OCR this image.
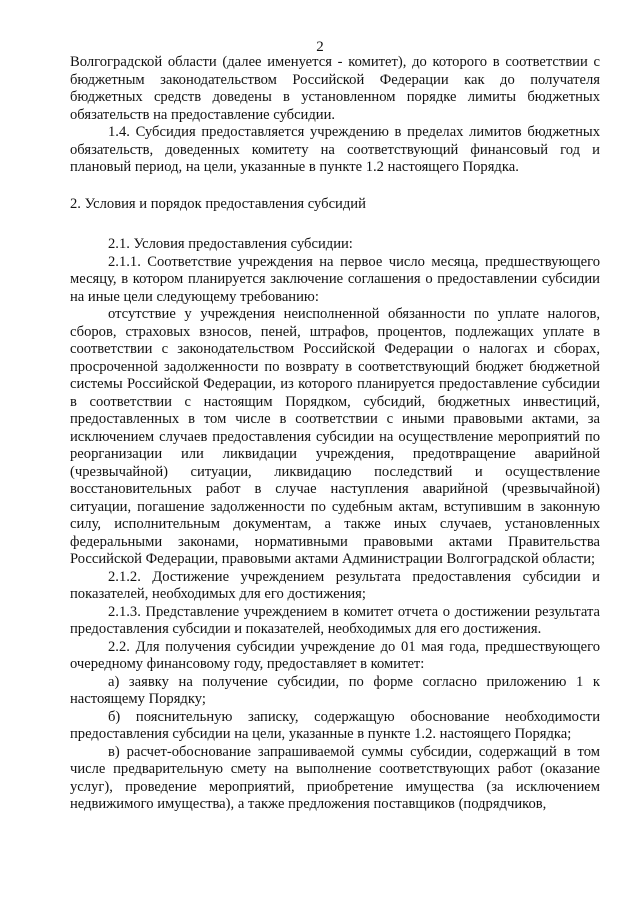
2

Волгоградской области (далее именуется - комитет), до которого в соответствии с бюджетным законодательством Российской Федерации как до получателя бюджетных средств доведены в установленном порядке лимиты бюджетных обязательств на предоставление субсидии.

1.4. Субсидия предоставляется учреждению в пределах лимитов бюджетных обязательств, доведенных комитету на соответствующий финансовый год и плановый период, на цели, указанные в пункте 1.2 настоящего Порядка.

2. Условия и порядок предоставления субсидий

2.1. Условия предоставления субсидии:

2.1.1. Соответствие учреждения на первое число месяца, предшествующего месяцу, в котором планируется заключение соглашения о предоставлении субсидии на иные цели следующему требованию:

отсутствие у учреждения неисполненной обязанности по уплате налогов, сборов, страховых взносов, пеней, штрафов, процентов, подлежащих уплате в соответствии с законодательством Российской Федерации о налогах и сборах, просроченной задолженности по возврату в соответствующий бюджет бюджетной системы Российской Федерации, из которого планируется предоставление субсидии в соответствии с настоящим Порядком, субсидий, бюджетных инвестиций, предоставленных в том числе в соответствии с иными правовыми актами, за исключением случаев предоставления субсидии на осуществление мероприятий по реорганизации или ликвидации учреждения, предотвращение аварийной (чрезвычайной) ситуации, ликвидацию последствий и осуществление восстановительных работ в случае наступления аварийной (чрезвычайной) ситуации, погашение задолженности по судебным актам, вступившим в законную силу, исполнительным документам, а также иных случаев, установленных федеральными законами, нормативными правовыми актами Правительства Российской Федерации, правовыми актами Администрации Волгоградской области;

2.1.2. Достижение учреждением результата предоставления субсидии и показателей, необходимых для его достижения;

2.1.3. Представление учреждением в комитет отчета о достижении результата предоставления субсидии и показателей, необходимых для его достижения.

2.2. Для получения субсидии учреждение до 01 мая года, предшествующего очередному финансовому году, предоставляет в комитет:

а) заявку на получение субсидии, по форме согласно приложению 1 к настоящему Порядку;

б) пояснительную записку, содержащую обоснование необходимости предоставления субсидии на цели, указанные в пункте 1.2. настоящего Порядка;

в) расчет-обоснование запрашиваемой суммы субсидии, содержащий в том числе предварительную смету на выполнение соответствующих работ (оказание услуг), проведение мероприятий, приобретение имущества (за исключением недвижимого имущества), а также предложения поставщиков (подрядчиков,
